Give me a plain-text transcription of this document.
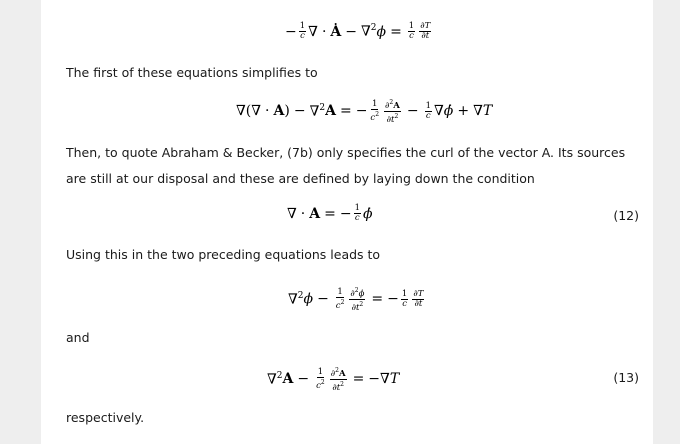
− $\frac{1}{c}$ ∇ · Ȧ − ∇$^2$ $\phi = \frac{1}{c} \frac{\partial T}{\partial t}$

The first of these equations simplifies to

∇ (∇ · A ) − ∇$^2$ A = − $\frac{1}{c^2} \frac{\partial^2A}{\partial t^2} - \frac{1}{c}$ ∇ ϕ̇ + ∇ T

Then, to quote Abraham & Becker, (7b) only specifies the curl of the vector A. Its sources are still at our disposal and these are defined by laying down the condition

∇ · A = − $\frac{1}{c}$ ϕ̇	(12)

Using this in the two preceding equations leads to

∇$^2$ $\phi - \frac{1}{c^2} \frac{\partial^2\phi}{\partial t^2}$ = − $\frac{1}{c} \frac{\partial T}{\partial t}$

and

∇$^2$ $A - \frac{1}{c^2} \frac{\partial^2A}{\partial t^2}$ = −∇ T	(13)

respectively.
